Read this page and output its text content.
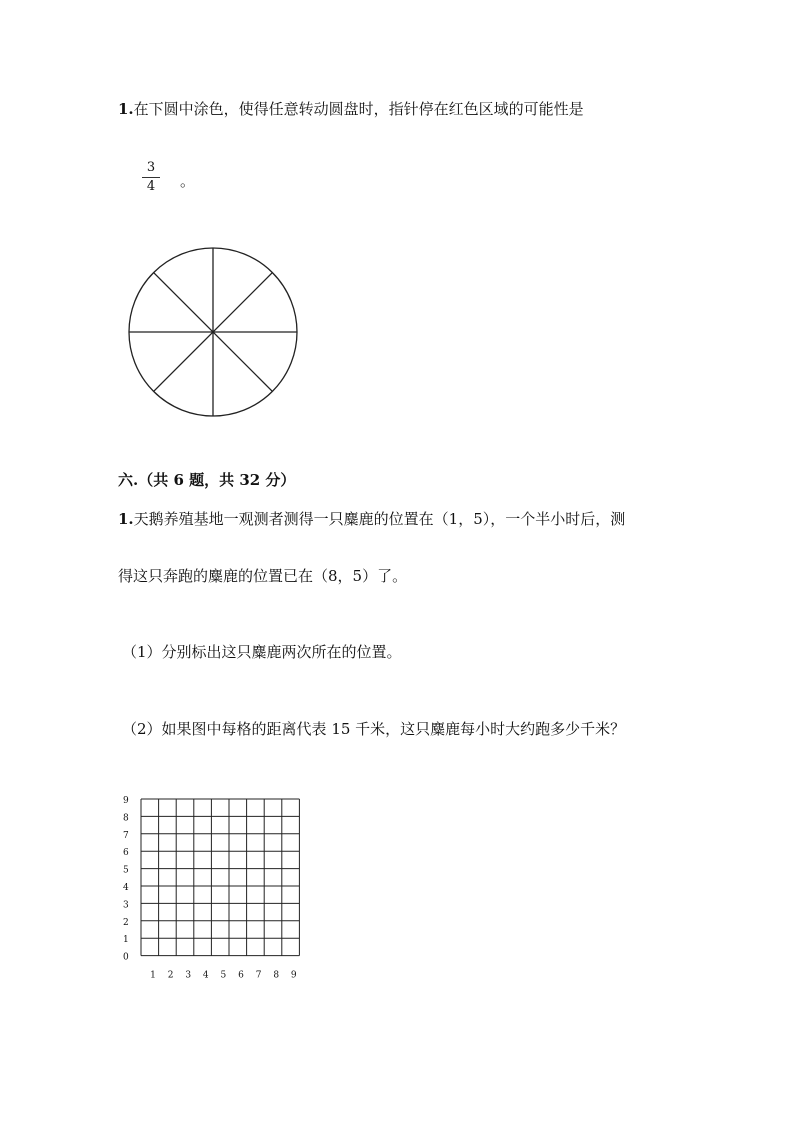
1.在下圆中涂色，使得任意转动圆盘时，指针停在红色区域的可能性是
3
4	。
六.（共 6 题，共 32 分）
1.天鹅养殖基地一观测者测得一只麋鹿的位置在（1，5），一个半小时后，测
得这只奔跑的麋鹿的位置已在（8，5）了。
（1）分别标出这只麋鹿两次所在的位置。
（2）如果图中每格的距离代表 15 千米，这只麋鹿每小时大约跑多少千米？
9
8
7
6
5
4
3
2
1
0
1 2 3 4 5 6 7 8 9
